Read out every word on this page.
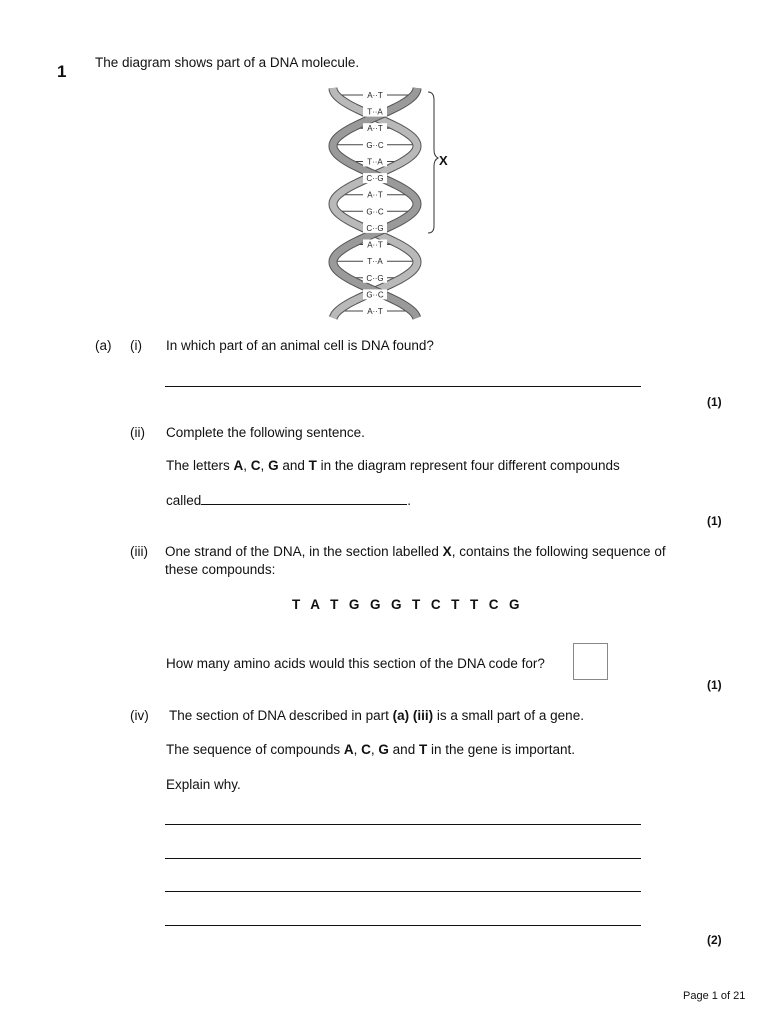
1 The diagram shows part of a DNA molecule.
A··T
T··A
A··T
G··C
T··A
C··G
A··T
G··C
C··G
A··T
T··A
C··G
G··C
A··T
X
(a) (i) In which part of an animal cell is DNA found?
(1)
(ii) Complete the following sentence.
The letters A, C, G and T in the diagram represent four different compounds
called	.
(1)
(iii) One strand of the DNA, in the section labelled X, contains the following sequence of
these compounds:
T A T G G G T C T T C G
How many amino acids would this section of the DNA code for?
(1)
(iv) The section of DNA described in part (a) (iii) is a small part of a gene.
The sequence of compounds A, C, G and T in the gene is important.
Explain why.
(2)
Page 1 of 21
